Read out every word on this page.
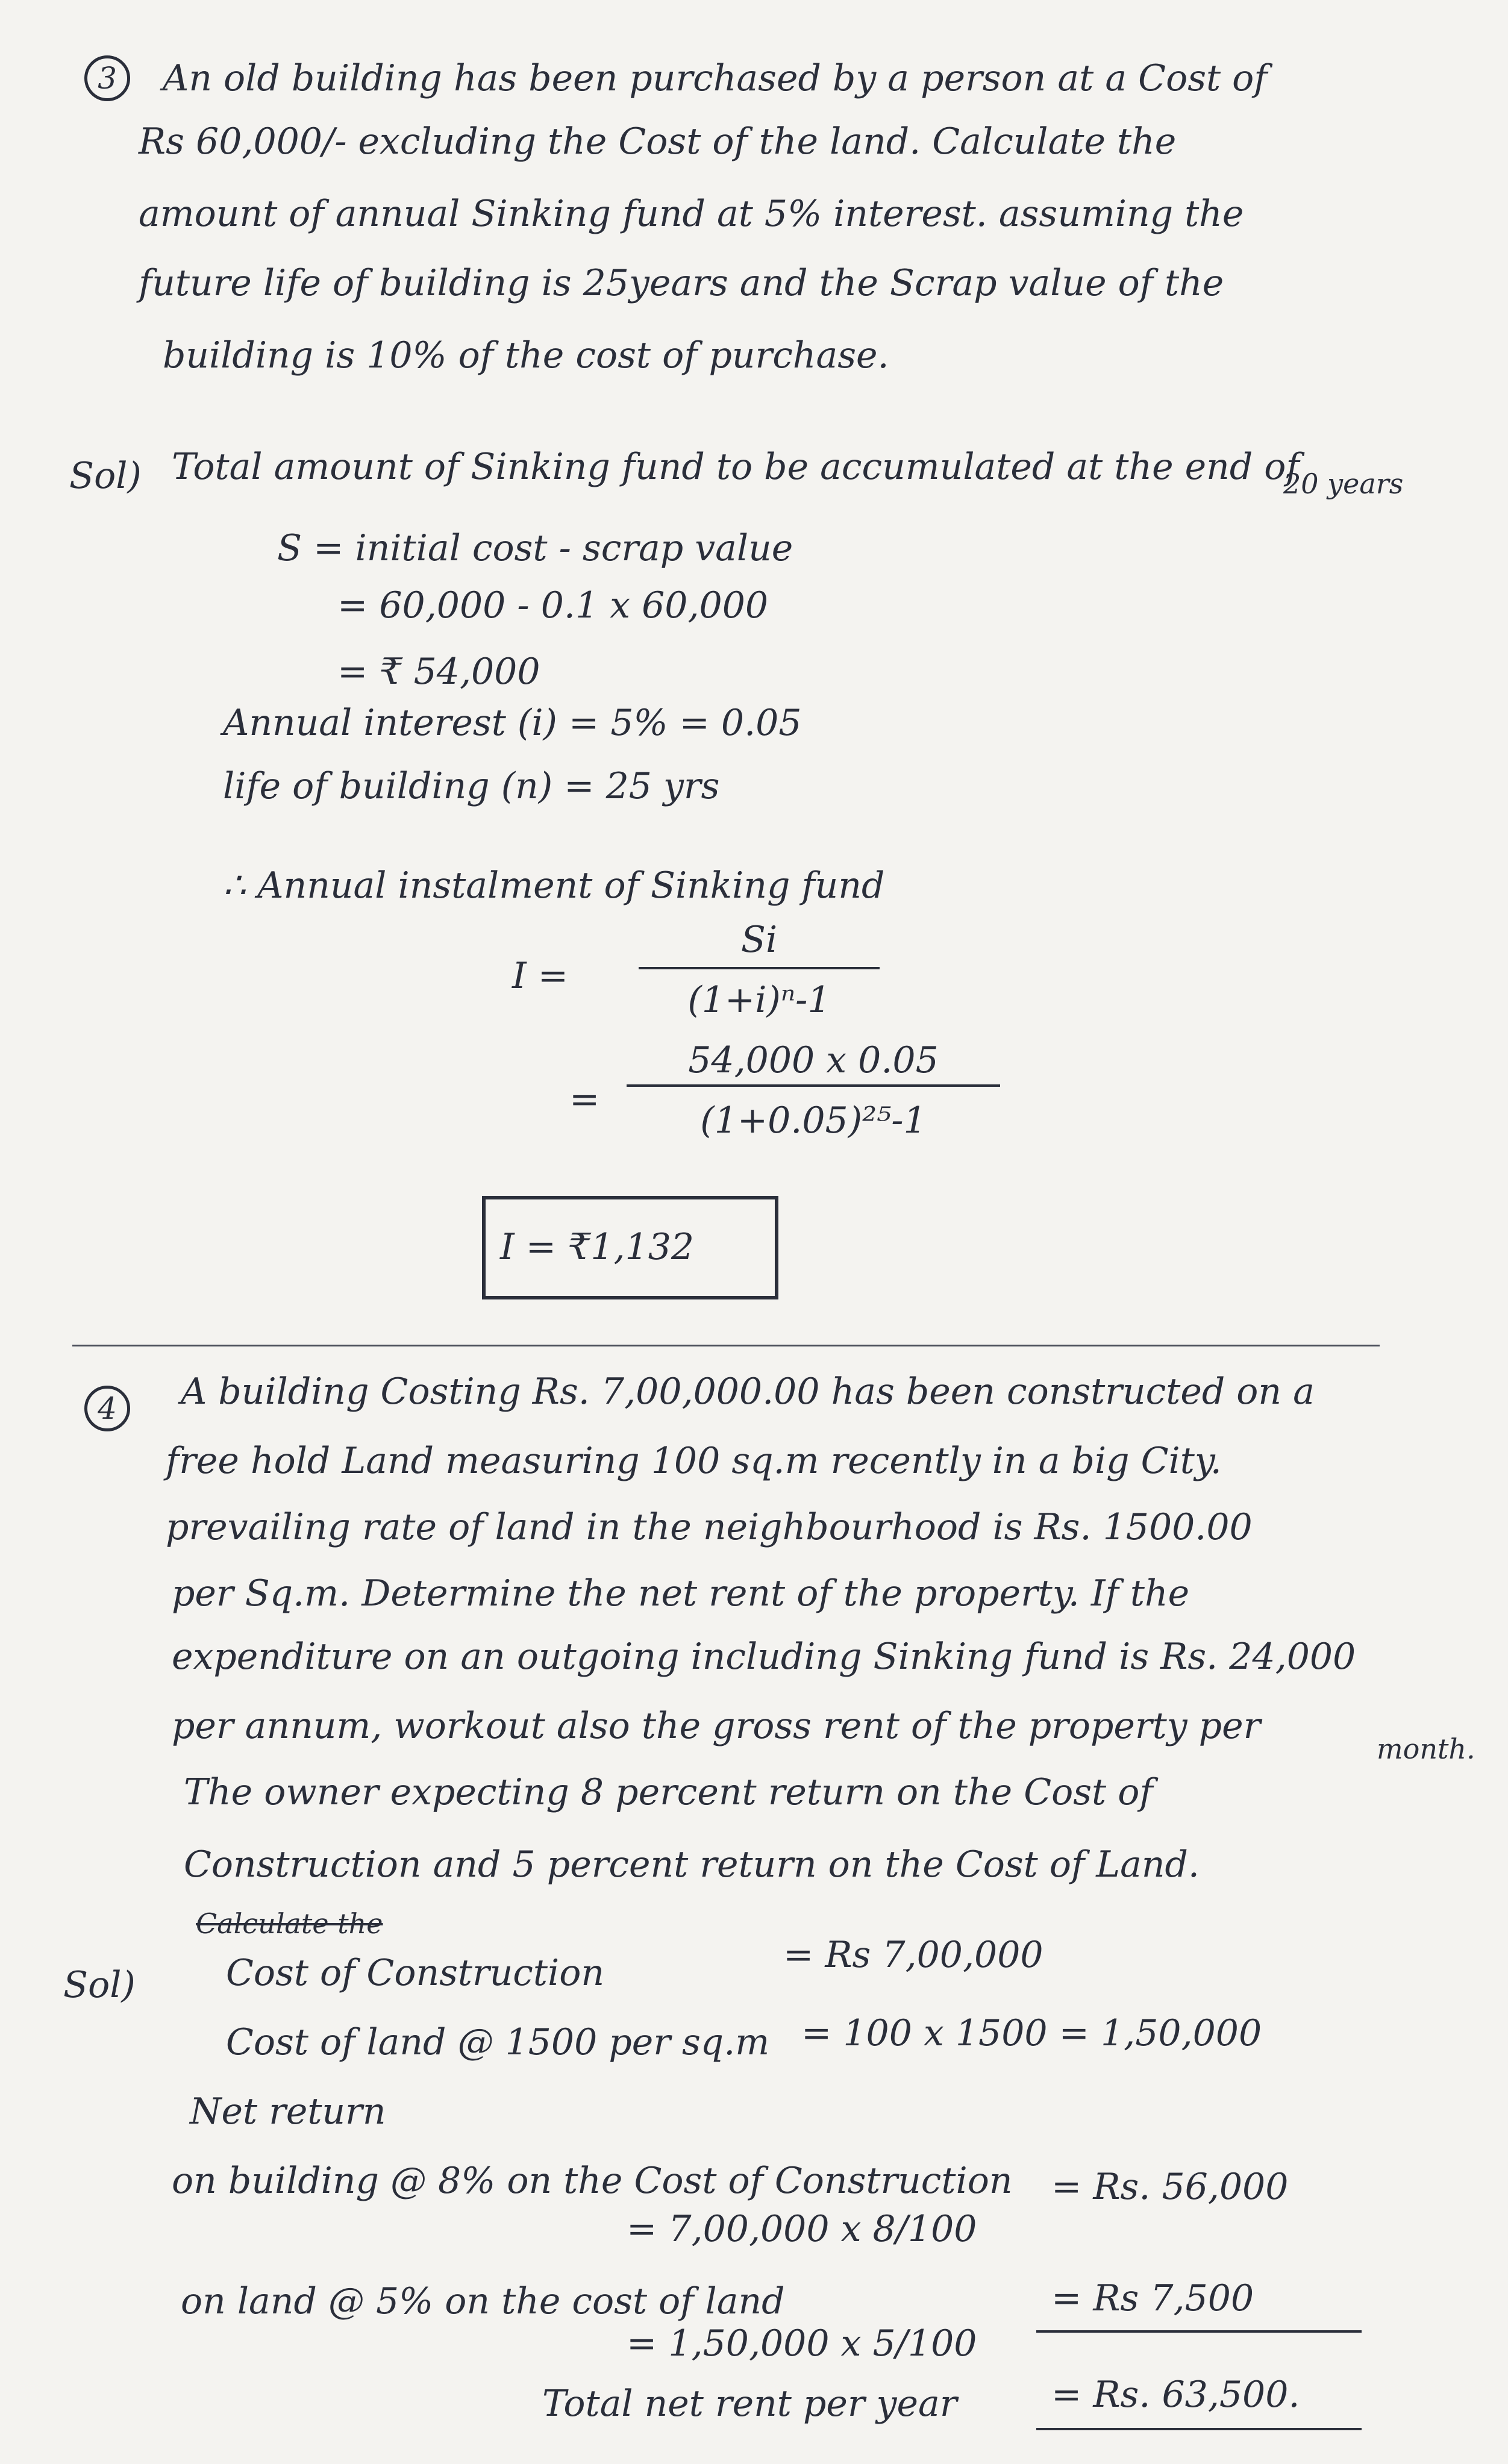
3	An old building has been purchased by a person at a Cost of
Rs 60,000/- excluding the Cost of the land. Calculate the
amount of annual Sinking fund at 5% interest. assuming the
future life of building is 25years and the Scrap value of the
building is 10% of the cost of purchase.
Sol) Total amount of Sinking fund to be accumulated at the end of
20 years
S = initial cost - scrap value
= 60,000 - 0.1 x 60,000
= ₹ 54,000
Annual interest (i) = 5% = 0.05
life of building (n) = 25 yrs
∴ Annual instalment of Sinking fund
I =
Si
(1+i)ⁿ-1
=
54,000 x 0.05
(1+0.05)²⁵-1
I = ₹1,132
4	A building Costing Rs. 7,00,000.00 has been constructed on a
free hold Land measuring 100 sq.m recently in a big City.
prevailing rate of land in the neighbourhood is Rs. 1500.00
per Sq.m. Determine the net rent of the property. If the
expenditure on an outgoing including Sinking fund is Rs. 24,000
per annum, workout also the gross rent of the property per
month.
The owner expecting 8 percent return on the Cost of
Construction and 5 percent return on the Cost of Land.
Calculate the
Sol)	Cost of Construction	= Rs 7,00,000
Cost of land @ 1500 per sq.m = 100 x 1500 = 1,50,000
Net return
on building @ 8% on the Cost of Construction
= 7,00,000 x 8/100
= Rs. 56,000
on land @ 5% on the cost of land
= 1,50,000 x 5/100
= Rs 7,500
Total net rent per year	= Rs. 63,500.
